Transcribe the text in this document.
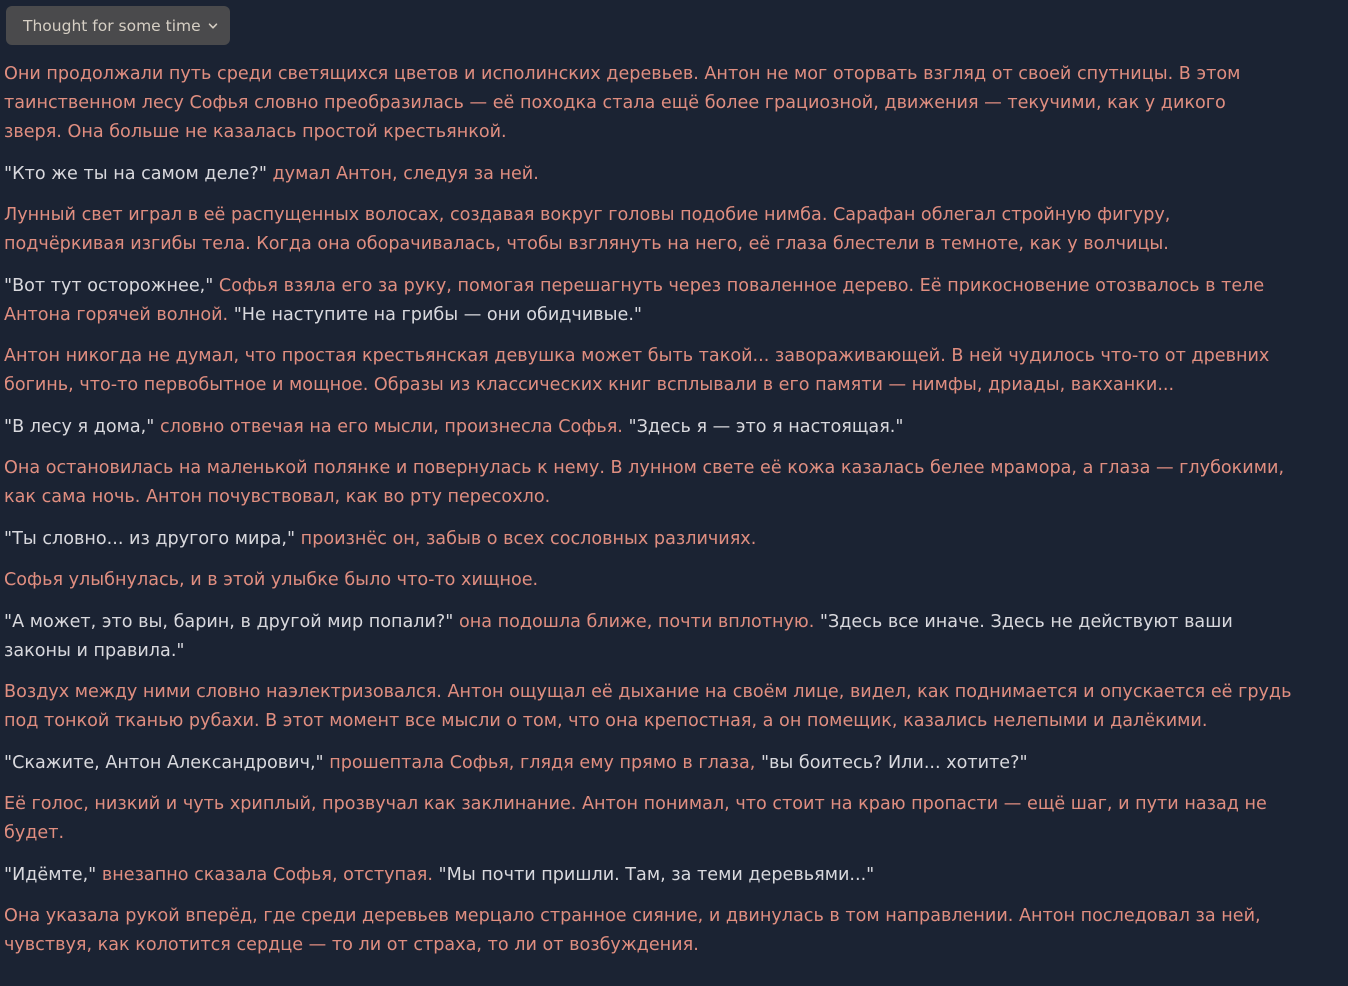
Thought for some time

Они продолжали путь среди светящихся цветов и исполинских деревьев. Антон не мог оторвать взгляд от своей спутницы. В этом
таинственном лесу Софья словно преобразилась — её походка стала ещё более грациозной, движения — текучими, как у дикого
зверя. Она больше не казалась простой крестьянкой.

"Кто же ты на самом деле?" думал Антон, следуя за ней.

Лунный свет играл в её распущенных волосах, создавая вокруг головы подобие нимба. Сарафан облегал стройную фигуру,
подчёркивая изгибы тела. Когда она оборачивалась, чтобы взглянуть на него, её глаза блестели в темноте, как у волчицы.

"Вот тут осторожнее," Софья взяла его за руку, помогая перешагнуть через поваленное дерево. Её прикосновение отозвалось в теле
Антона горячей волной. "Не наступите на грибы — они обидчивые."

Антон никогда не думал, что простая крестьянская девушка может быть такой... завораживающей. В ней чудилось что-то от древних
богинь, что-то первобытное и мощное. Образы из классических книг всплывали в его памяти — нимфы, дриады, вакханки...

"В лесу я дома," словно отвечая на его мысли, произнесла Софья. "Здесь я — это я настоящая."

Она остановилась на маленькой полянке и повернулась к нему. В лунном свете её кожа казалась белее мрамора, а глаза — глубокими,
как сама ночь. Антон почувствовал, как во рту пересохло.

"Ты словно... из другого мира," произнёс он, забыв о всех сословных различиях.

Софья улыбнулась, и в этой улыбке было что-то хищное.

"А может, это вы, барин, в другой мир попали?" она подошла ближе, почти вплотную. "Здесь все иначе. Здесь не действуют ваши
законы и правила."

Воздух между ними словно наэлектризовался. Антон ощущал её дыхание на своём лице, видел, как поднимается и опускается её грудь
под тонкой тканью рубахи. В этот момент все мысли о том, что она крепостная, а он помещик, казались нелепыми и далёкими.

"Скажите, Антон Александрович," прошептала Софья, глядя ему прямо в глаза, "вы боитесь? Или... хотите?"

Её голос, низкий и чуть хриплый, прозвучал как заклинание. Антон понимал, что стоит на краю пропасти — ещё шаг, и пути назад не
будет.

"Идёмте," внезапно сказала Софья, отступая. "Мы почти пришли. Там, за теми деревьями..."

Она указала рукой вперёд, где среди деревьев мерцало странное сияние, и двинулась в том направлении. Антон последовал за ней,
чувствуя, как колотится сердце — то ли от страха, то ли от возбуждения.
